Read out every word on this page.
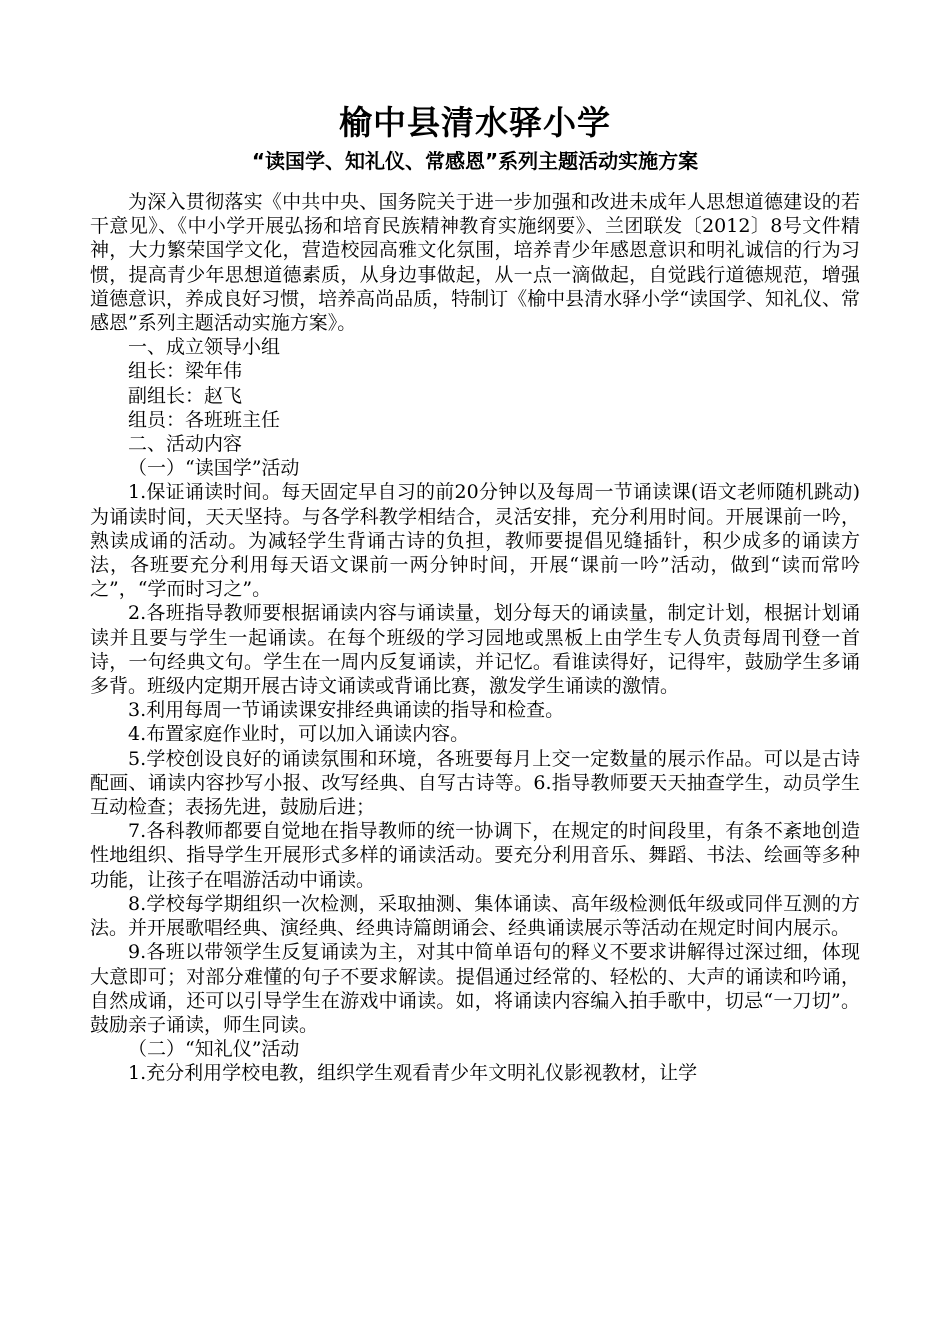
榆中县清水驿小学
“读国学、知礼仪、常感恩”系列主题活动实施方案

为深入贯彻落实《中共中央、国务院关于进一步加强和改进未成年人思想道德建设的若干意见》、《中小学开展弘扬和培育民族精神教育实施纲要》、兰团联发〔2012〕8号文件精神，大力繁荣国学文化，营造校园高雅文化氛围，培养青少年感恩意识和明礼诚信的行为习惯，提高青少年思想道德素质，从身边事做起，从一点一滴做起，自觉践行道德规范，增强道德意识，养成良好习惯，培养高尚品质，特制订《榆中县清水驿小学“读国学、知礼仪、常感恩”系列主题活动实施方案》。

一、成立领导小组

组长：梁年伟

副组长：赵飞

组员：各班班主任

二、活动内容

（一）“读国学”活动

1.保证诵读时间。每天固定早自习的前20分钟以及每周一节诵读课(语文老师随机跳动)为诵读时间，天天坚持。与各学科教学相结合，灵活安排，充分利用时间。开展课前一吟，熟读成诵的活动。为减轻学生背诵古诗的负担，教师要提倡见缝插针，积少成多的诵读方法，各班要充分利用每天语文课前一两分钟时间，开展“课前一吟”活动，做到“读而常吟之”，“学而时习之”。

2.各班指导教师要根据诵读内容与诵读量，划分每天的诵读量，制定计划，根据计划诵读并且要与学生一起诵读。在每个班级的学习园地或黑板上由学生专人负责每周刊登一首诗，一句经典文句。学生在一周内反复诵读，并记忆。看谁读得好，记得牢，鼓励学生多诵多背。班级内定期开展古诗文诵读或背诵比赛，激发学生诵读的激情。

3.利用每周一节诵读课安排经典诵读的指导和检查。

4.布置家庭作业时，可以加入诵读内容。

5.学校创设良好的诵读氛围和环境，各班要每月上交一定数量的展示作品。可以是古诗配画、诵读内容抄写小报、改写经典、自写古诗等。6.指导教师要天天抽查学生，动员学生互动检查；表扬先进，鼓励后进；

7.各科教师都要自觉地在指导教师的统一协调下，在规定的时间段里，有条不紊地创造性地组织、指导学生开展形式多样的诵读活动。要充分利用音乐、舞蹈、书法、绘画等多种功能，让孩子在唱游活动中诵读。

8.学校每学期组织一次检测，采取抽测、集体诵读、高年级检测低年级或同伴互测的方法。并开展歌唱经典、演经典、经典诗篇朗诵会、经典诵读展示等活动在规定时间内展示。

9.各班以带领学生反复诵读为主，对其中简单语句的释义不要求讲解得过深过细，体现大意即可；对部分难懂的句子不要求解读。提倡通过经常的、轻松的、大声的诵读和吟诵，自然成诵，还可以引导学生在游戏中诵读。如，将诵读内容编入拍手歌中，切忌“一刀切”。鼓励亲子诵读，师生同读。

（二）“知礼仪”活动

1.充分利用学校电教，组织学生观看青少年文明礼仪影视教材，让学
